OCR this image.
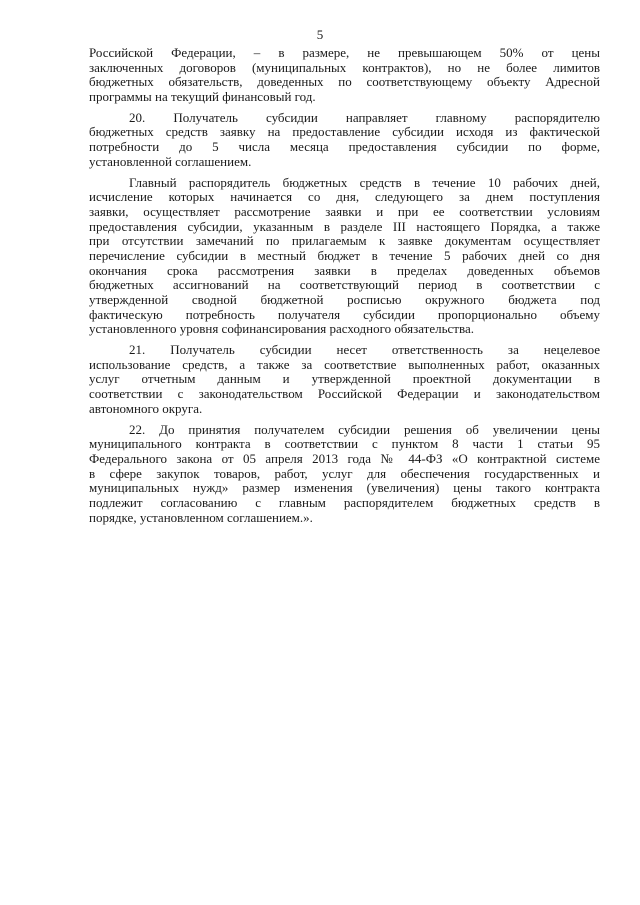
5
Российской Федерации, – в размере, не превышающем 50% от цены
заключенных договоров (муниципальных контрактов), но не более лимитов
бюджетных обязательств, доведенных по соответствующему объекту Адресной
программы на текущий финансовый год.
20. Получатель субсидии направляет главному распорядителю
бюджетных средств заявку на предоставление субсидии исходя из фактической
потребности до 5 числа месяца предоставления субсидии по форме,
установленной соглашением.
Главный распорядитель бюджетных средств в течение 10 рабочих дней,
исчисление которых начинается со дня, следующего за днем поступления
заявки, осуществляет рассмотрение заявки и при ее соответствии условиям
предоставления субсидии, указанным в разделе III настоящего Порядка, а также
при отсутствии замечаний по прилагаемым к заявке документам осуществляет
перечисление субсидии в местный бюджет в течение 5 рабочих дней со дня
окончания срока рассмотрения заявки в пределах доведенных объемов
бюджетных ассигнований на соответствующий период в соответствии с
утвержденной сводной бюджетной росписью окружного бюджета под
фактическую потребность получателя субсидии пропорционально объему
установленного уровня софинансирования расходного обязательства.
21. Получатель субсидии несет ответственность за нецелевое
использование средств, а также за соответствие выполненных работ, оказанных
услуг отчетным данным и утвержденной проектной документации в
соответствии с законодательством Российской Федерации и законодательством
автономного округа.
22. До принятия получателем субсидии решения об увеличении цены
муниципального контракта в соответствии с пунктом 8 части 1 статьи 95
Федерального закона от 05 апреля 2013 года № 44-ФЗ «О контрактной системе
в сфере закупок товаров, работ, услуг для обеспечения государственных и
муниципальных нужд» размер изменения (увеличения) цены такого контракта
подлежит согласованию с главным распорядителем бюджетных средств в
порядке, установленном соглашением.».
